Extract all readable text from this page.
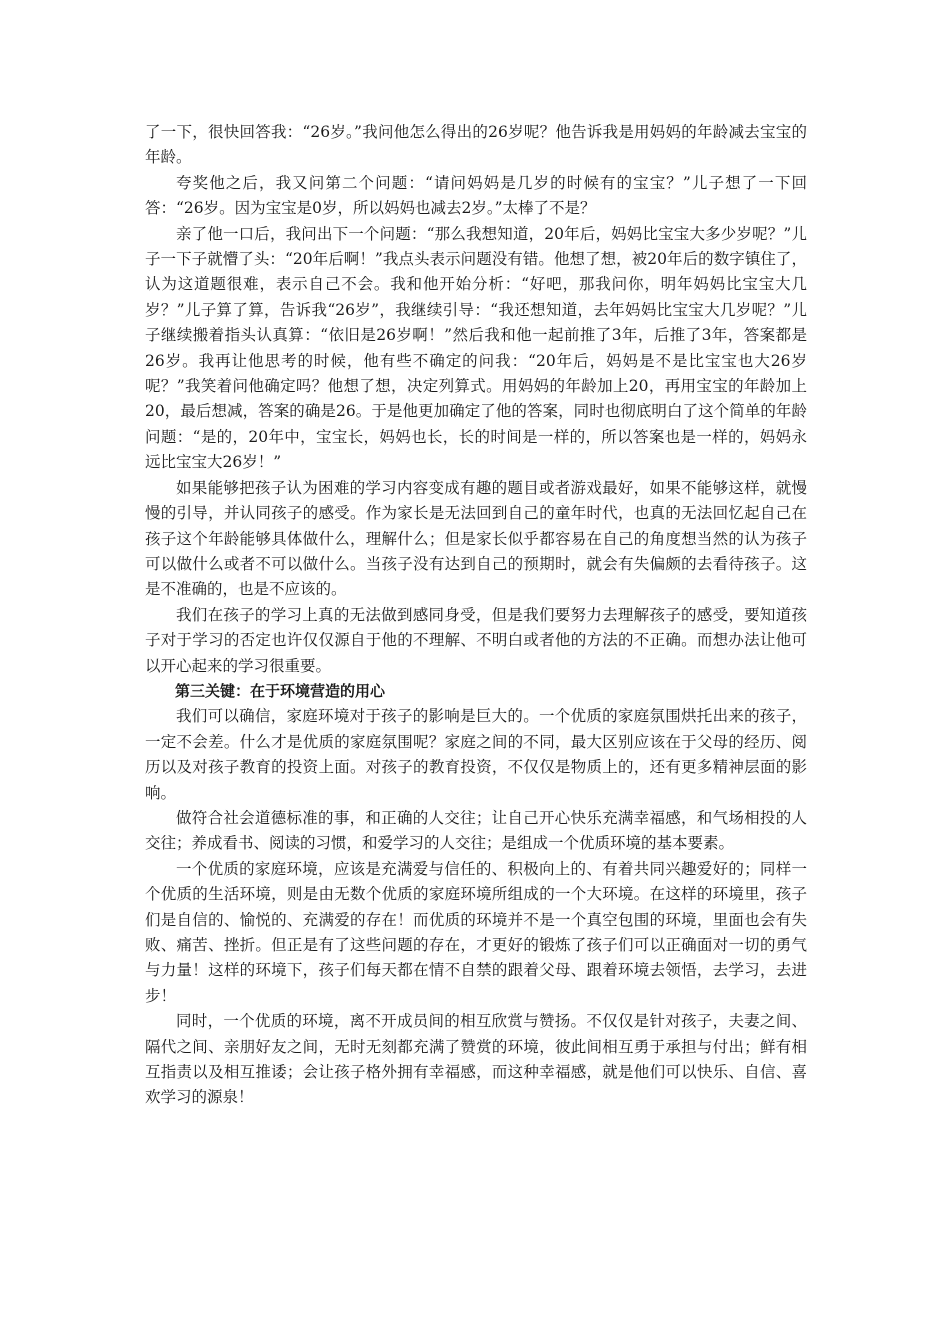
了一下，很快回答我：“26岁。”我问他怎么得出的26岁呢？他告诉我是用妈妈的年龄减去宝宝的年龄。

夸奖他之后，我又问第二个问题：“请问妈妈是几岁的时候有的宝宝？”儿子想了一下回答：“26岁。因为宝宝是0岁，所以妈妈也减去2岁。”太棒了不是？

亲了他一口后，我问出下一个问题：“那么我想知道，20年后，妈妈比宝宝大多少岁呢？”儿子一下子就懵了头：“20年后啊！”我点头表示问题没有错。他想了想，被20年后的数字镇住了，认为这道题很难，表示自己不会。我和他开始分析：“好吧，那我问你，明年妈妈比宝宝大几岁？”儿子算了算，告诉我“26岁”，我继续引导：“我还想知道，去年妈妈比宝宝大几岁呢？”儿子继续搬着指头认真算：“依旧是26岁啊！”然后我和他一起前推了3年，后推了3年，答案都是26岁。我再让他思考的时候，他有些不确定的问我：“20年后，妈妈是不是比宝宝也大26岁呢？”我笑着问他确定吗？他想了想，决定列算式。用妈妈的年龄加上20，再用宝宝的年龄加上20，最后想减，答案的确是26。于是他更加确定了他的答案，同时也彻底明白了这个简单的年龄问题：“是的，20年中，宝宝长，妈妈也长，长的时间是一样的，所以答案也是一样的，妈妈永远比宝宝大26岁！”

如果能够把孩子认为困难的学习内容变成有趣的题目或者游戏最好，如果不能够这样，就慢慢的引导，并认同孩子的感受。作为家长是无法回到自己的童年时代，也真的无法回忆起自己在孩子这个年龄能够具体做什么，理解什么；但是家长似乎都容易在自己的角度想当然的认为孩子可以做什么或者不可以做什么。当孩子没有达到自己的预期时，就会有失偏颇的去看待孩子。这是不准确的，也是不应该的。

我们在孩子的学习上真的无法做到感同身受，但是我们要努力去理解孩子的感受，要知道孩子对于学习的否定也许仅仅源自于他的不理解、不明白或者他的方法的不正确。而想办法让他可以开心起来的学习很重要。

第三关键：在于环境营造的用心

我们可以确信，家庭环境对于孩子的影响是巨大的。一个优质的家庭氛围烘托出来的孩子，一定不会差。什么才是优质的家庭氛围呢？家庭之间的不同，最大区别应该在于父母的经历、阅历以及对孩子教育的投资上面。对孩子的教育投资，不仅仅是物质上的，还有更多精神层面的影响。

做符合社会道德标准的事，和正确的人交往；让自己开心快乐充满幸福感，和气场相投的人交往；养成看书、阅读的习惯，和爱学习的人交往；是组成一个优质环境的基本要素。

一个优质的家庭环境，应该是充满爱与信任的、积极向上的、有着共同兴趣爱好的；同样一个优质的生活环境，则是由无数个优质的家庭环境所组成的一个大环境。在这样的环境里，孩子们是自信的、愉悦的、充满爱的存在！而优质的环境并不是一个真空包围的环境，里面也会有失败、痛苦、挫折。但正是有了这些问题的存在，才更好的锻炼了孩子们可以正确面对一切的勇气与力量！这样的环境下，孩子们每天都在情不自禁的跟着父母、跟着环境去领悟，去学习，去进步！

同时，一个优质的环境，离不开成员间的相互欣赏与赞扬。不仅仅是针对孩子，夫妻之间、隔代之间、亲朋好友之间，无时无刻都充满了赞赏的环境，彼此间相互勇于承担与付出；鲜有相互指责以及相互推诿；会让孩子格外拥有幸福感，而这种幸福感，就是他们可以快乐、自信、喜欢学习的源泉！
